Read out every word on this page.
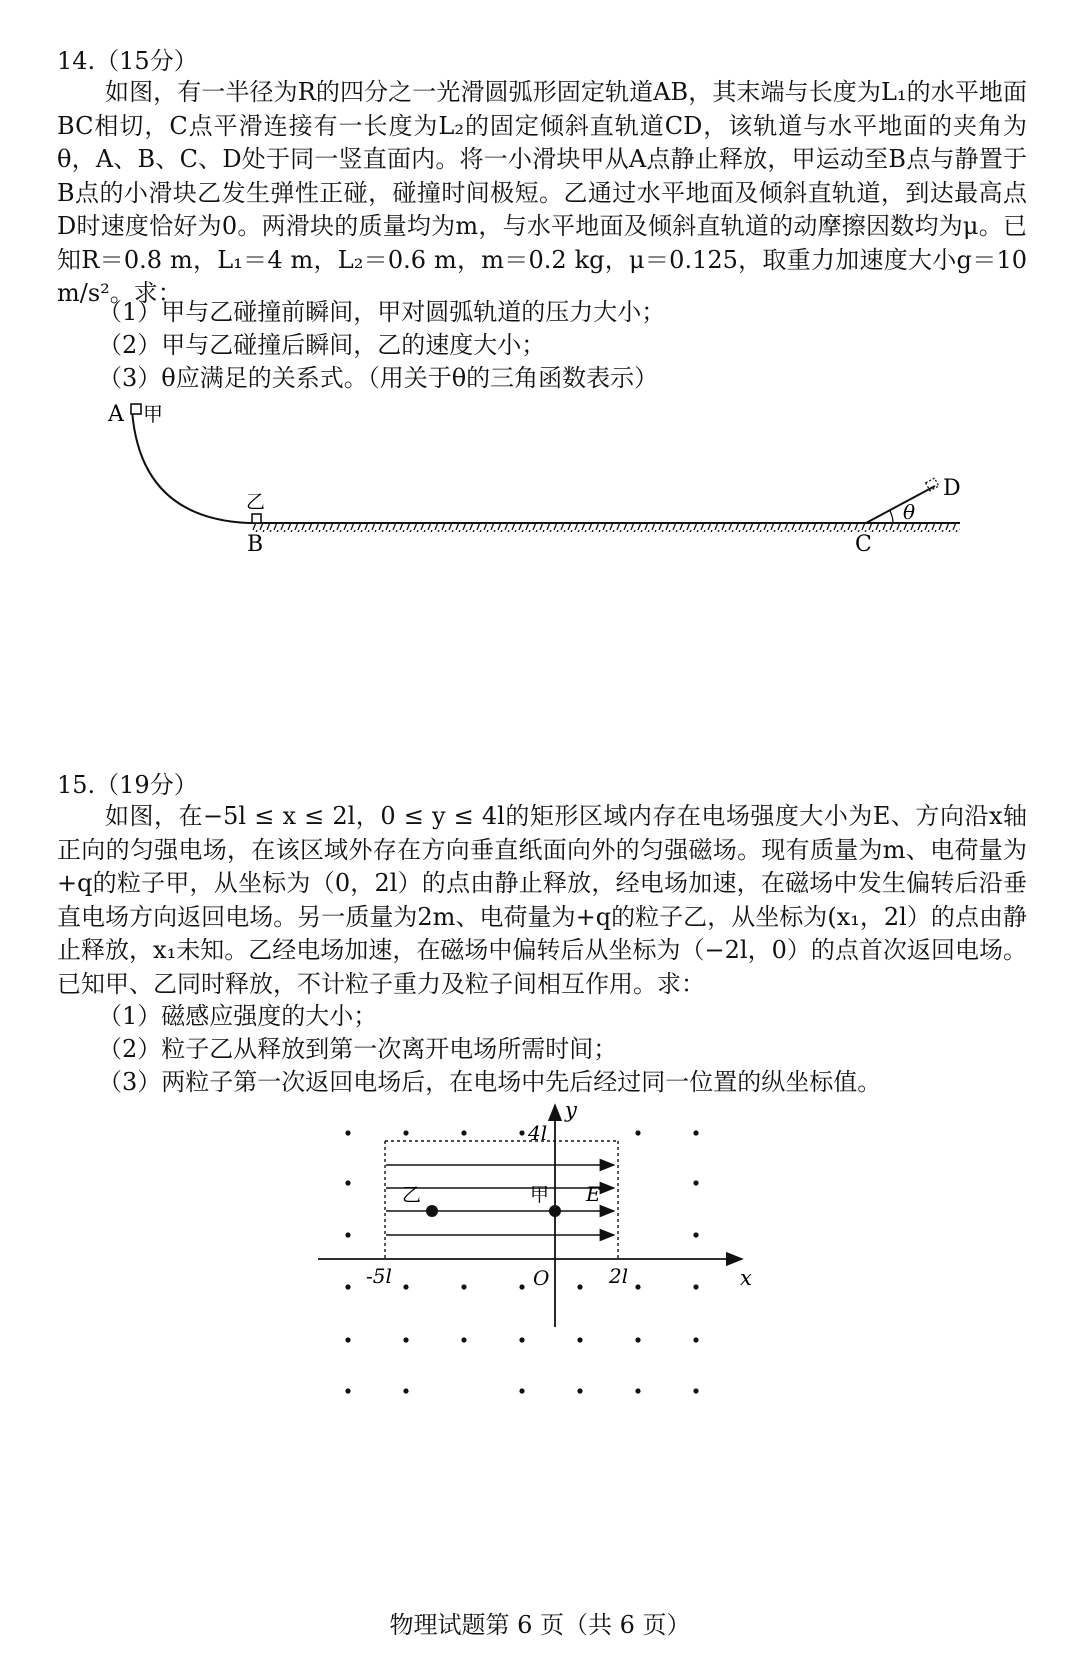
14.（15分）

如图，有一半径为R的四分之一光滑圆弧形固定轨道AB，其末端与长度为L₁的水平地面BC相切，C点平滑连接有一长度为L₂的固定倾斜直轨道CD，该轨道与水平地面的夹角为θ，A、B、C、D处于同一竖直面内。将一小滑块甲从A点静止释放，甲运动至B点与静置于B点的小滑块乙发生弹性正碰，碰撞时间极短。乙通过水平地面及倾斜直轨道，到达最高点D时速度恰好为0。两滑块的质量均为m，与水平地面及倾斜直轨道的动摩擦因数均为μ。已知R＝0.8 m，L₁＝4 m，L₂＝0.6 m，m＝0.2 kg，μ＝0.125，取重力加速度大小g＝10 m/s²。求：

（1）甲与乙碰撞前瞬间，甲对圆弧轨道的压力大小；
（2）甲与乙碰撞后瞬间，乙的速度大小；
（3）θ应满足的关系式。（用关于θ的三角函数表示）
A 甲
乙
B	C
D
θ
15.（19分）

如图，在−5l ≤ x ≤ 2l，0 ≤ y ≤ 4l的矩形区域内存在电场强度大小为E、方向沿x轴正向的匀强电场，在该区域外存在方向垂直纸面向外的匀强磁场。现有质量为m、电荷量为+q的粒子甲，从坐标为（0，2l）的点由静止释放，经电场加速，在磁场中发生偏转后沿垂直电场方向返回电场。另一质量为2m、电荷量为+q的粒子乙，从坐标为(x₁，2l）的点由静止释放，x₁未知。乙经电场加速，在磁场中偏转后从坐标为（−2l，0）的点首次返回电场。已知甲、乙同时释放，不计粒子重力及粒子间相互作用。求：

（1）磁感应强度的大小；
（2）粒子乙从释放到第一次离开电场所需时间；
（3）两粒子第一次返回电场后，在电场中先后经过同一位置的纵坐标值。
y
4l
乙	甲 E
-5l	O	2l	x
物理试题第 6 页（共 6 页）
